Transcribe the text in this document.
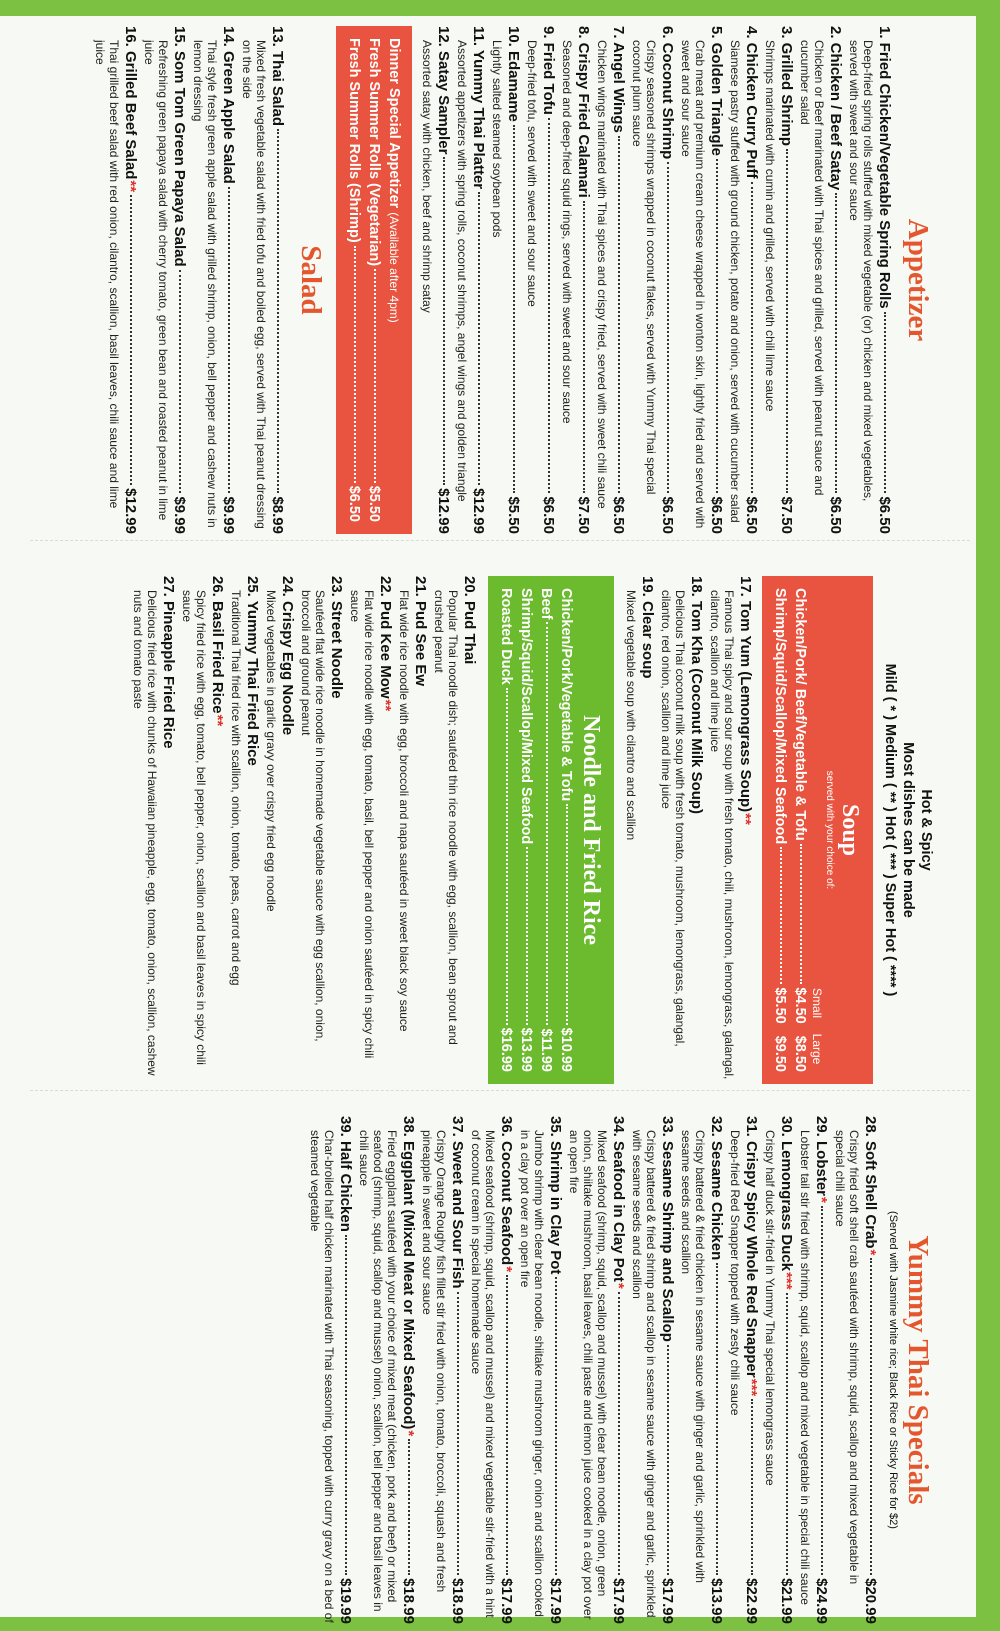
Appetizer
1. Fried Chicken/Vegetable Spring Rolls
$6.50
Deep-fried spring rolls stuffed with mixed vegetable (or) chicken and mixed vegetables, served with sweet and sour sauce
2. Chicken / Beef Satay
$6.50
Chicken or Beef marinated with Thai spices and grilled, served with peanut sauce and cucumber salad
3. Grilled Shrimp
$7.50
Shrimps marinated with cumin and grilled, served with chili lime sauce
4. Chicken Curry Puff
$6.50
Siamese pastry stuffed with ground chicken, potato and onion, served with cucumber salad
5. Golden Triangle
$6.50
Crab meat and premium cream cheese wrapped in wonton skin, lightly fried and served with sweet and sour sauce
6. Coconut Shrimp
$6.50
Crispy seasoned shrimps wrapped in coconut flakes, served with Yummy Thai special coconut plum sauce
7. Angel Wings
$6.50
Chicken wings marinated with Thai spices and crispy fried, served with sweet chili sauce
8. Crispy Fried Calamari
$7.50
Seasoned and deep-fried squid rings, served with sweet and sour sauce
9. Fried Tofu
$6.50
Deep-fried tofu, served with sweet and sour sauce
10. Edamame
$5.50
Lightly salted steamed soybean pods
11. Yummy Thai Platter
$12.99
Assorted appetizers with spring rolls, coconut shrimps, angel wings and golden triangle
12. Satay Sampler
$12.99
Assorted satay with chicken, beef and shrimp satay
Dinner Special Appetizer
(Available after 4pm)
Fresh Summer Rolls (Vegetarian)
$5.50
Fresh Summer Rolls (Shrimp)
$6.50
Salad
13. Thai Salad
$8.99
Mixed fresh vegetable salad with fried tofu and boiled egg, served with Thai peanut dressing on the side
14. Green Apple Salad
$9.99
Thai style fresh green apple salad with grilled shrimp, onion, bell pepper and cashew nuts in lemon dressing
15. Som Tom Green Papaya Salad
$9.99
Refreshing green papaya salad with cherry tomato, green bean and roasted peanut in lime juice
16. Grilled Beef Salad
**
$12.99
Thai grilled beef salad with red onion, cilantro, scallion, basil leaves, chili sauce and lime juice
Hot & Spicy
Most dishes can be made
Mild ( * ) Medium ( ** ) Hot ( *** ) Super Hot ( **** )
Soup
served with your choice of:
Small
Large
Chicken/Pork/ Beef/Vegetable & Tofu
$4.50
$8.50
Shrimp/Squid/Scallop/Mixed Seafood
$5.50
$9.50
17. Tom Yum (Lemongrass Soup)
**
Famous Thai spicy and sour soup with fresh tomato, chili, mushroom, lemongrass, galangal, cilantro, scallion and lime juice
18. Tom Kha (Coconut Milk Soup)
Delicious Thai coconut milk soup with fresh tomato, mushroom, lemongrass, galangal, cilantro, red onion, scallion and lime juice
19. Clear soup
Mixed vegetable soup with cilantro and scallion
Noodle and Fried Rice
Chicken/Pork/Vegetable & Tofu
$10.99
Beef
$11.99
Shrimp/Squid/Scallop/Mixed Seafood
$13.99
Roasted Duck
$16.99
20. Pud Thai
Popular Thai noodle dish; sautéed thin rice noodle with egg, scallion, bean sprout and crushed peanut
21. Pud See Ew
Flat wide rice noodle with egg, broccoli and napa sautéed in sweet black soy sauce
22. Pud Kee Mow
**
Flat wide rice noodle with egg, tomato, basil, bell pepper and onion sautéed in spicy chili sauce
23. Street Noodle
Sautéed flat wide rice noodle in homemade vegetable sauce with egg scallion, onion, broccoli and ground peanut
24. Crispy Egg Noodle
Mixed vegetables in garlic gravy over crispy fried egg noodle
25. Yummy Thai Fried Rice
Traditional Thai fried rice with scallion, onion, tomato, peas, carrot and egg
26. Basil Fried Rice
**
Spicy fried rice with egg, tomato, bell pepper, onion, scallion and basil leaves in spicy chili sauce
27. Pineapple Fried Rice
Delicious fried rice with chunks of Hawaiian pineapple, egg, tomato, onion, scallion, cashew nuts and tomato paste
Yummy Thai Specials
(Served with Jasmine white rice; Black Rice or Sticky Rice for $2)
28. Soft Shell Crab
*
$20.99
Crispy fried soft shell crab sautéed with shrimp, squid, scallop and mixed vegetable in special chili sauce
29. Lobster
*
$24.99
Lobster tail stir fried with shrimp, squid, scallop and mixed vegetable in special chili sauce
30. Lemongrass Duck
***
$21.99
Crispy half duck stir-fried in Yummy Thai special lemongrass sauce
31. Crispy Spicy Whole Red Snapper
***
$22.99
Deep-fried Red Snapper topped with zesty chili sauce
32. Sesame Chicken
$13.99
Crispy battered & fried chicken in sesame sauce with ginger and garlic, sprinkled with sesame seeds and scallion
33. Sesame Shrimp and Scallop
$17.99
Crispy battered & fried shrimp and scallop in sesame sauce with ginger and garlic, sprinkled with sesame seeds and scallion
34. Seafood in Clay Pot
*
$17.99
Mixed seafood (shrimp, squid, scallop and mussel) with clear bean noodle, onion, green onion, shiitake mushroom, basil leaves, chili paste and lemon juice cooked in a clay pot over an open fire
35. Shrimp in Clay Pot
$17.99
Jumbo shrimp with clear bean noodle, shiitake mushroom ginger, onion and scallion cooked in a clay pot over an open fire
36. Coconut Seafood
*
$17.99
Mixed seafood (shrimp, squid, scallop and mussel) and mixed vegetable stir-fried with a hint of coconut cream in special homemade sauce
37. Sweet and Sour Fish
$18.99
Crispy Orange Roughy fish fillet stir fried with onion, tomato, broccoli, squash and fresh pineapple in sweet and sour sauce
38. Eggplant (Mixed Meat or Mixed Seafood)
*
$18.99
Fried eggplant sautéed with your choice of mixed meat (chicken, pork and beef) or mixed seafood (shrimp, squid, scallop and mussel) onion, scallion, bell pepper and basil leaves in chili sauce
39. Half Chicken
$19.99
Char-broiled half chicken marinated with Thai seasoning, topped with curry gravy on a bed of steamed vegetable
